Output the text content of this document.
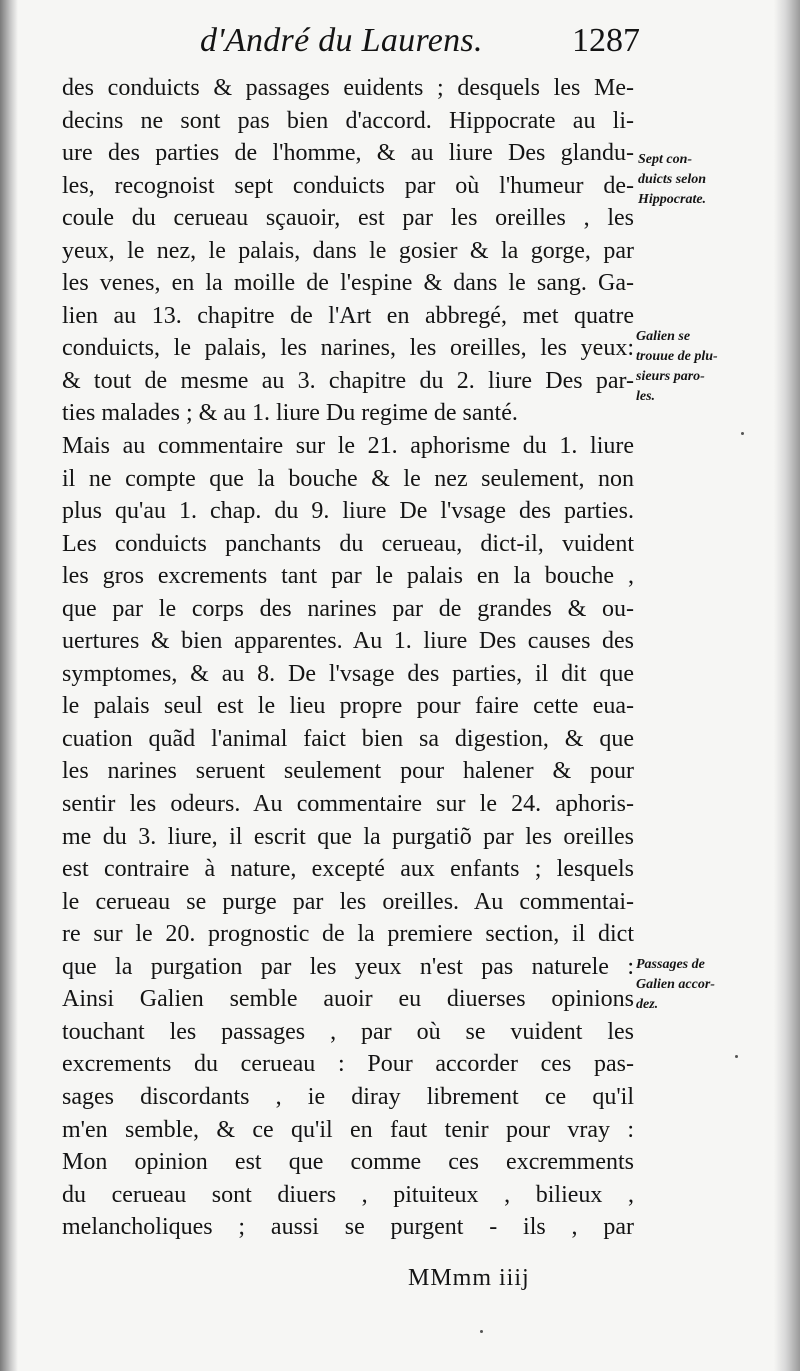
d'André du Laurens.	1287
des conduicts & passages euidents ; desquels les Me-
decins ne sont pas bien d'accord. Hippocrate au li-
ure des parties de l'homme, & au liure Des glandu-
les, recognoist sept conduicts par où l'humeur de-
coule du cerueau sçauoir, est par les oreilles , les
yeux, le nez, le palais, dans le gosier & la gorge, par
les venes, en la moille de l'espine & dans le sang. Ga-
lien au 13. chapitre de l'Art en abbregé, met quatre
conduicts, le palais, les narines, les oreilles, les yeux:
& tout de mesme au 3. chapitre du 2. liure Des par-
ties malades ; & au 1. liure Du regime de santé.
Mais au commentaire sur le 21. aphorisme du 1. liure
il ne compte que la bouche & le nez seulement, non
plus qu'au 1. chap. du 9. liure De l'vsage des parties.
Les conduicts panchants du cerueau, dict-il, vuident
les gros excrements tant par le palais en la bouche ,
que par le corps des narines par de grandes & ou-
uertures & bien apparentes. Au 1. liure Des causes des
symptomes, & au 8. De l'vsage des parties, il dit que
le palais seul est le lieu propre pour faire cette eua-
cuation quãd l'animal faict bien sa digestion, & que
les narines seruent seulement pour halener & pour
sentir les odeurs. Au commentaire sur le 24. aphoris-
me du 3. liure, il escrit que la purgatiõ par les oreilles
est contraire à nature, excepté aux enfants ; lesquels
le cerueau se purge par les oreilles. Au commentai-
re sur le 20. prognostic de la premiere section, il dict
que la purgation par les yeux n'est pas naturele :
Ainsi Galien semble auoir eu diuerses opinions
touchant les passages , par où se vuident les
excrements du cerueau : Pour accorder ces pas-
sages discordants , ie diray librement ce qu'il
m'en semble, & ce qu'il en faut tenir pour vray :
Mon opinion est que comme ces excremments
du cerueau sont diuers , pituiteux , bilieux ,
melancholiques ; aussi se purgent - ils , par
Sept con-
duicts selon
Hippocrate.
Galien se
trouue de plu-
sieurs paro-
les.
Passages de
Galien accor-
dez.
MMmm iiij
